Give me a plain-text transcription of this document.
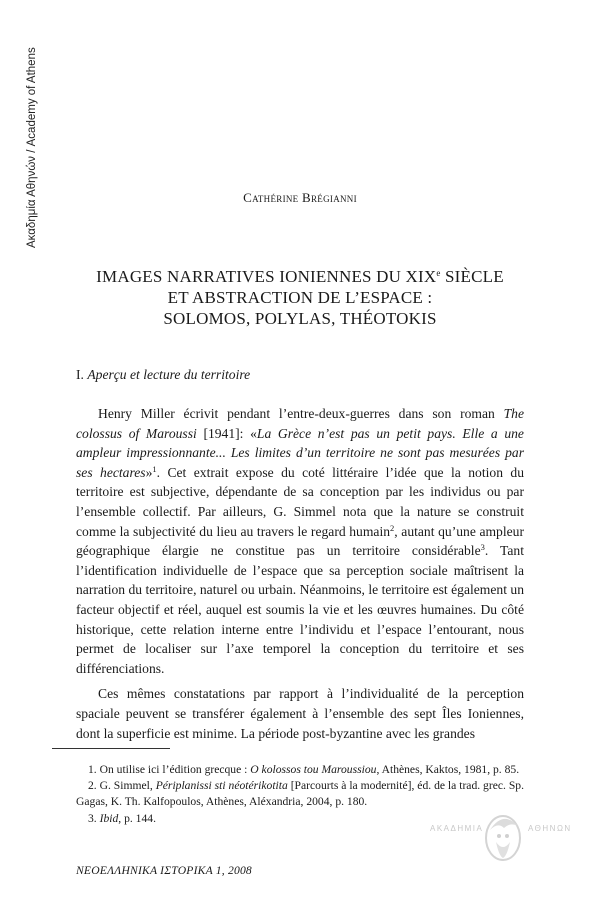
Ακαδημία Αθηνών / Academy of Athens	Cathérine Brégianni
IMAGES NARRATIVES IONIENNES DU XIXe SIÈCLE
ET ABSTRACTION DE L’ESPACE :
SOLOMOS, POLYLAS, THÉOTOKIS
I. Aperçu et lecture du territoire

Henry Miller écrivit pendant l’entre-deux-guerres dans son roman The colossus of Maroussi [1941]: «La Grèce n’est pas un petit pays. Elle a une ampleur impressionnante... Les limites d’un territoire ne sont pas mesurées par ses hectares»$^1$. Cet extrait expose du coté littéraire l’idée que la notion du territoire est subjective, dépendante de sa conception par les individus ou par l’ensemble collectif. Par ailleurs, G. Simmel nota que la nature se construit comme la subjectivité du lieu au travers le regard humain$^2$, autant qu’une ampleur géographique élargie ne constitue pas un territoire considérable$^3$. Tant l’identification individuelle de l’espace que sa perception sociale maîtrisent la narration du territoire, naturel ou urbain. Néanmoins, le territoire est également un facteur objectif et réel, auquel est soumis la vie et les œuvres humaines. Du côté historique, cette relation interne entre l’individu et l’espace l’entourant, nous permet de localiser sur l’axe temporel la conception du territoire et ses différenciations.

Ces mêmes constatations par rapport à l’individualité de la perception spaciale peuvent se transférer également à l’ensemble des sept Îles Ioniennes, dont la superficie est minime. La période post-byzantine avec les grandes

1. On utilise ici l’édition grecque : O kolossos tou Maroussiou, Athènes, Kaktos, 1981, p. 85.

2. G. Simmel, Périplanissi sti néotérikotita [Parcourts à la modernité], éd. de la trad. grec. Sp. Gagas, K. Th. Kalfopoulos, Athènes, Aléxandria, 2004, p. 180.

3. Ibid, p. 144.

ΝΕΟΕΛΛΗΝΙΚΑ ΙΣΤΟΡΙΚΑ 1, 2008
ΑΚΑΔΗΜΙΑ	ΑΘΗΝΩΝ
